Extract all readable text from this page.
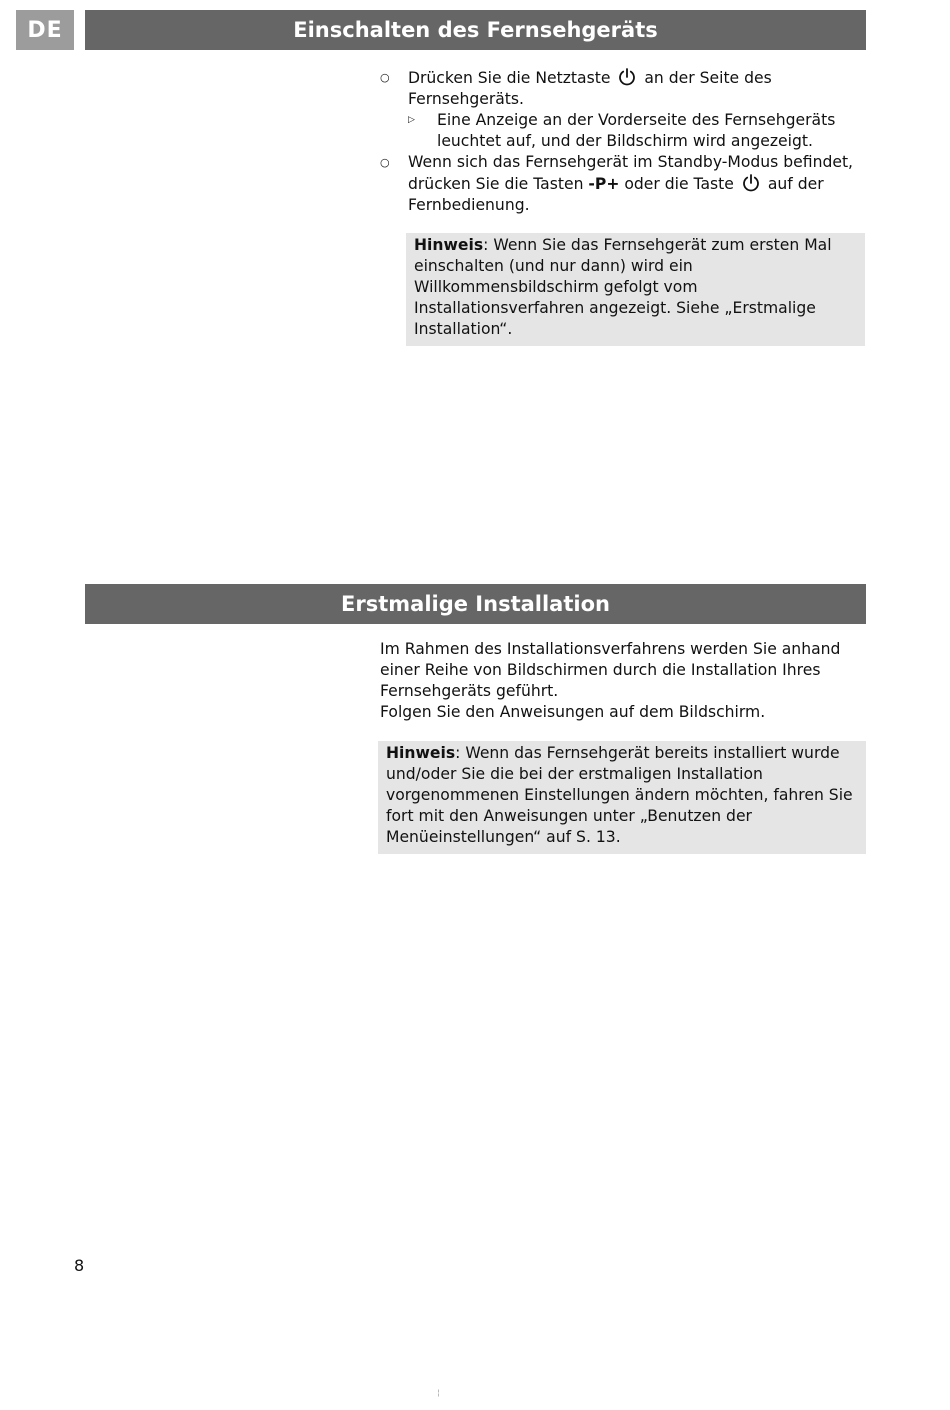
DE	Einschalten des Fernsehgeräts
○ Drücken Sie die Netztaste an der Seite des Fernsehgeräts.
▷ Eine Anzeige an der Vorderseite des Fernsehgeräts leuchtet auf, und der Bildschirm wird angezeigt.
○ Wenn sich das Fernsehgerät im Standby-Modus befindet, drücken Sie die Tasten -P+ oder die Taste auf der Fernbedienung.
Hinweis: Wenn Sie das Fernsehgerät zum ersten Mal einschalten (und nur dann) wird ein Willkommensbildschirm gefolgt vom Installationsverfahren angezeigt. Siehe „Erstmalige Installation“.
Erstmalige Installation
Im Rahmen des Installationsverfahrens werden Sie anhand einer Reihe von Bildschirmen durch die Installation Ihres Fernsehgeräts geführt.
Folgen Sie den Anweisungen auf dem Bildschirm.
Hinweis: Wenn das Fernsehgerät bereits installiert wurde und/oder Sie die bei der erstmaligen Installation vorgenommenen Einstellungen ändern möchten, fahren Sie fort mit den Anweisungen unter „Benutzen der Menüeinstellungen“ auf S. 13.
8
¦
